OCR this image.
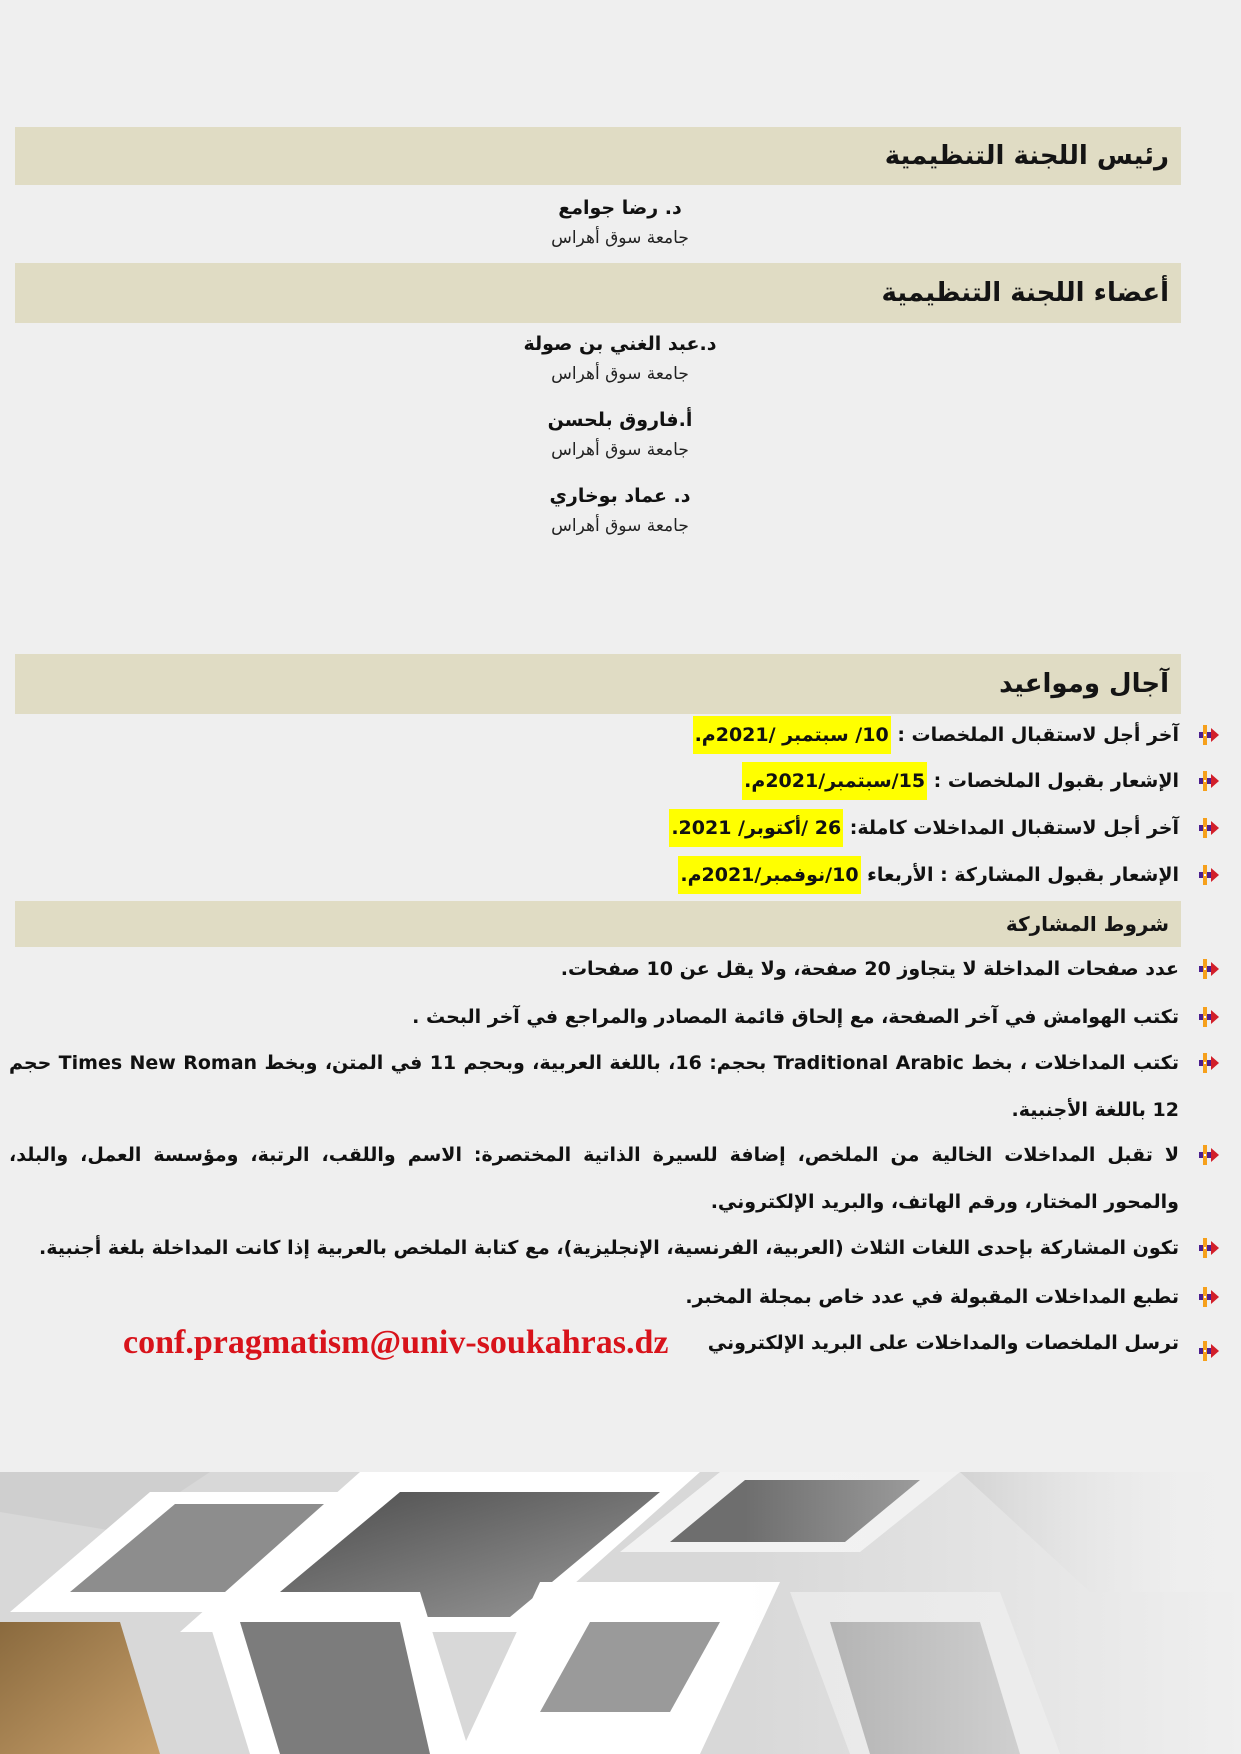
رئيس اللجنة التنظيمية
د. رضا جوامع
جامعة سوق أهراس
أعضاء اللجنة التنظيمية
د.عبد الغني بن صولة
جامعة سوق أهراس
أ.فاروق بلحسن
جامعة سوق أهراس
د. عماد بوخاري
جامعة سوق أهراس
آجال ومواعيد
آخر أجل لاستقبال الملخصات : 10/ سبتمبر /2021م.
الإشعار بقبول الملخصات : 15/سبتمبر/2021م.
آخر أجل لاستقبال المداخلات كاملة: 26 /أكتوبر/ 2021.
الإشعار بقبول المشاركة : الأربعاء 10/نوفمبر/2021م.
شروط المشاركة
عدد صفحات المداخلة لا يتجاوز 20 صفحة، ولا يقل عن 10 صفحات.
تكتب الهوامش في آخر الصفحة، مع إلحاق قائمة المصادر والمراجع في آخر البحث .
تكتب المداخلات ، بخط Traditional Arabic بحجم: 16، باللغة العربية، وبحجم 11 في المتن، وبخط Times New Roman حجم 12 باللغة الأجنبية.
لا تقبل المداخلات الخالية من الملخص، إضافة للسيرة الذاتية المختصرة: الاسم واللقب، الرتبة، ومؤسسة العمل، والبلد، والمحور المختار، ورقم الهاتف، والبريد الإلكتروني.
تكون المشاركة بإحدى اللغات الثلاث (العربية، الفرنسية، الإنجليزية)، مع كتابة الملخص بالعربية إذا كانت المداخلة بلغة أجنبية.
تطبع المداخلات المقبولة في عدد خاص بمجلة المخبر.
ترسل الملخصات والمداخلات على البريد الإلكتروني
conf.pragmatism@univ-soukahras.dz
